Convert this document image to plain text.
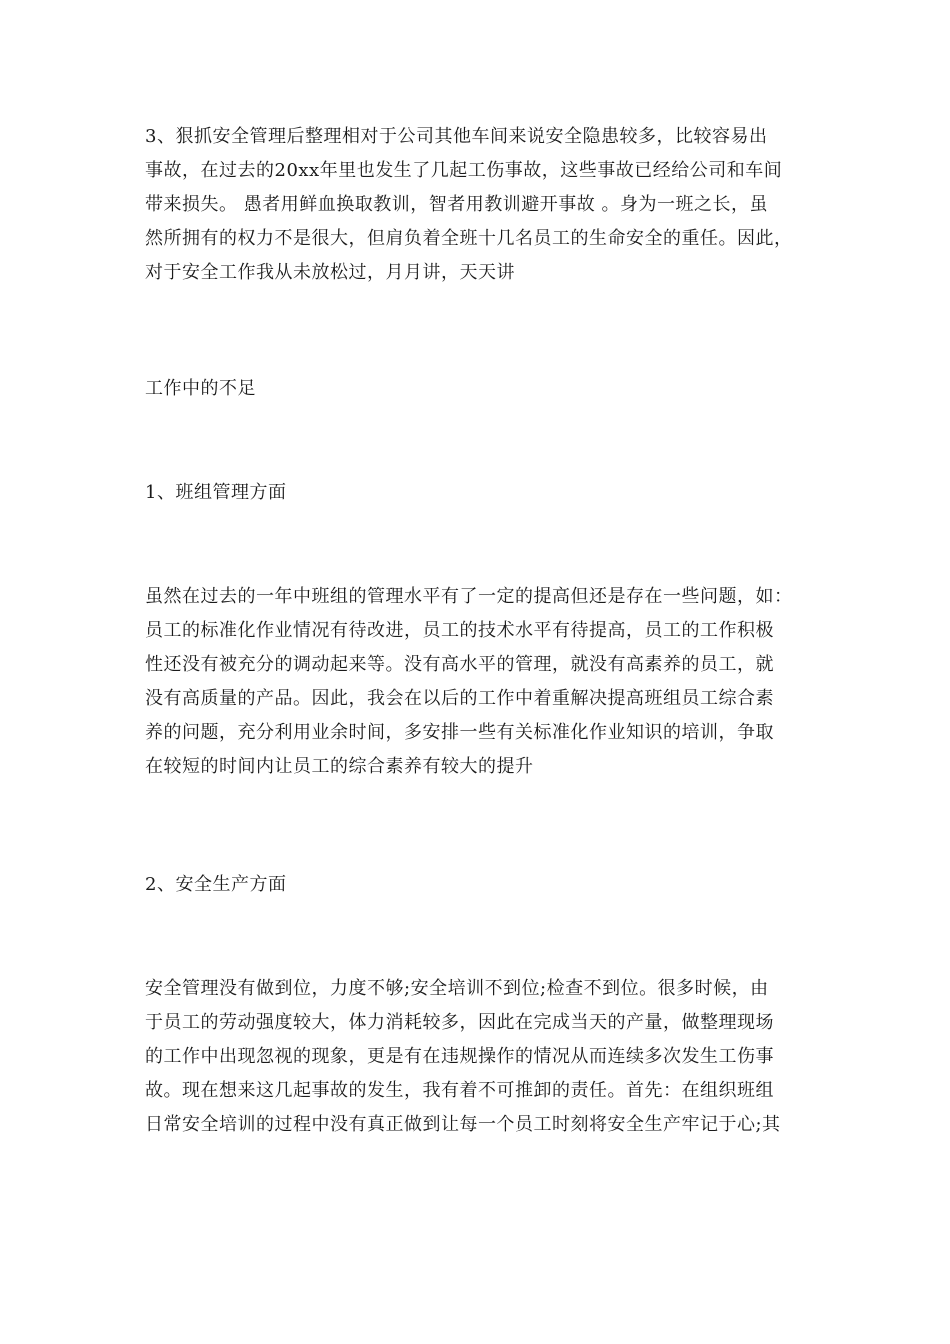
3、狠抓安全管理后整理相对于公司其他车间来说安全隐患较多，比较容易出
事故，在过去的20xx年里也发生了几起工伤事故，这些事故已经给公司和车间
带来损失。 愚者用鲜血换取教训，智者用教训避开事故 。身为一班之长，虽
然所拥有的权力不是很大，但肩负着全班十几名员工的生命安全的重任。因此，
对于安全工作我从未放松过，月月讲，天天讲
工作中的不足
1、班组管理方面
虽然在过去的一年中班组的管理水平有了一定的提高但还是存在一些问题，如：
员工的标准化作业情况有待改进，员工的技术水平有待提高，员工的工作积极
性还没有被充分的调动起来等。没有高水平的管理，就没有高素养的员工，就
没有高质量的产品。因此，我会在以后的工作中着重解决提高班组员工综合素
养的问题，充分利用业余时间，多安排一些有关标准化作业知识的培训，争取
在较短的时间内让员工的综合素养有较大的提升
2、安全生产方面
安全管理没有做到位，力度不够;安全培训不到位;检查不到位。很多时候，由
于员工的劳动强度较大，体力消耗较多，因此在完成当天的产量，做整理现场
的工作中出现忽视的现象，更是有在违规操作的情况从而连续多次发生工伤事
故。现在想来这几起事故的发生，我有着不可推卸的责任。首先：在组织班组
日常安全培训的过程中没有真正做到让每一个员工时刻将安全生产牢记于心;其
